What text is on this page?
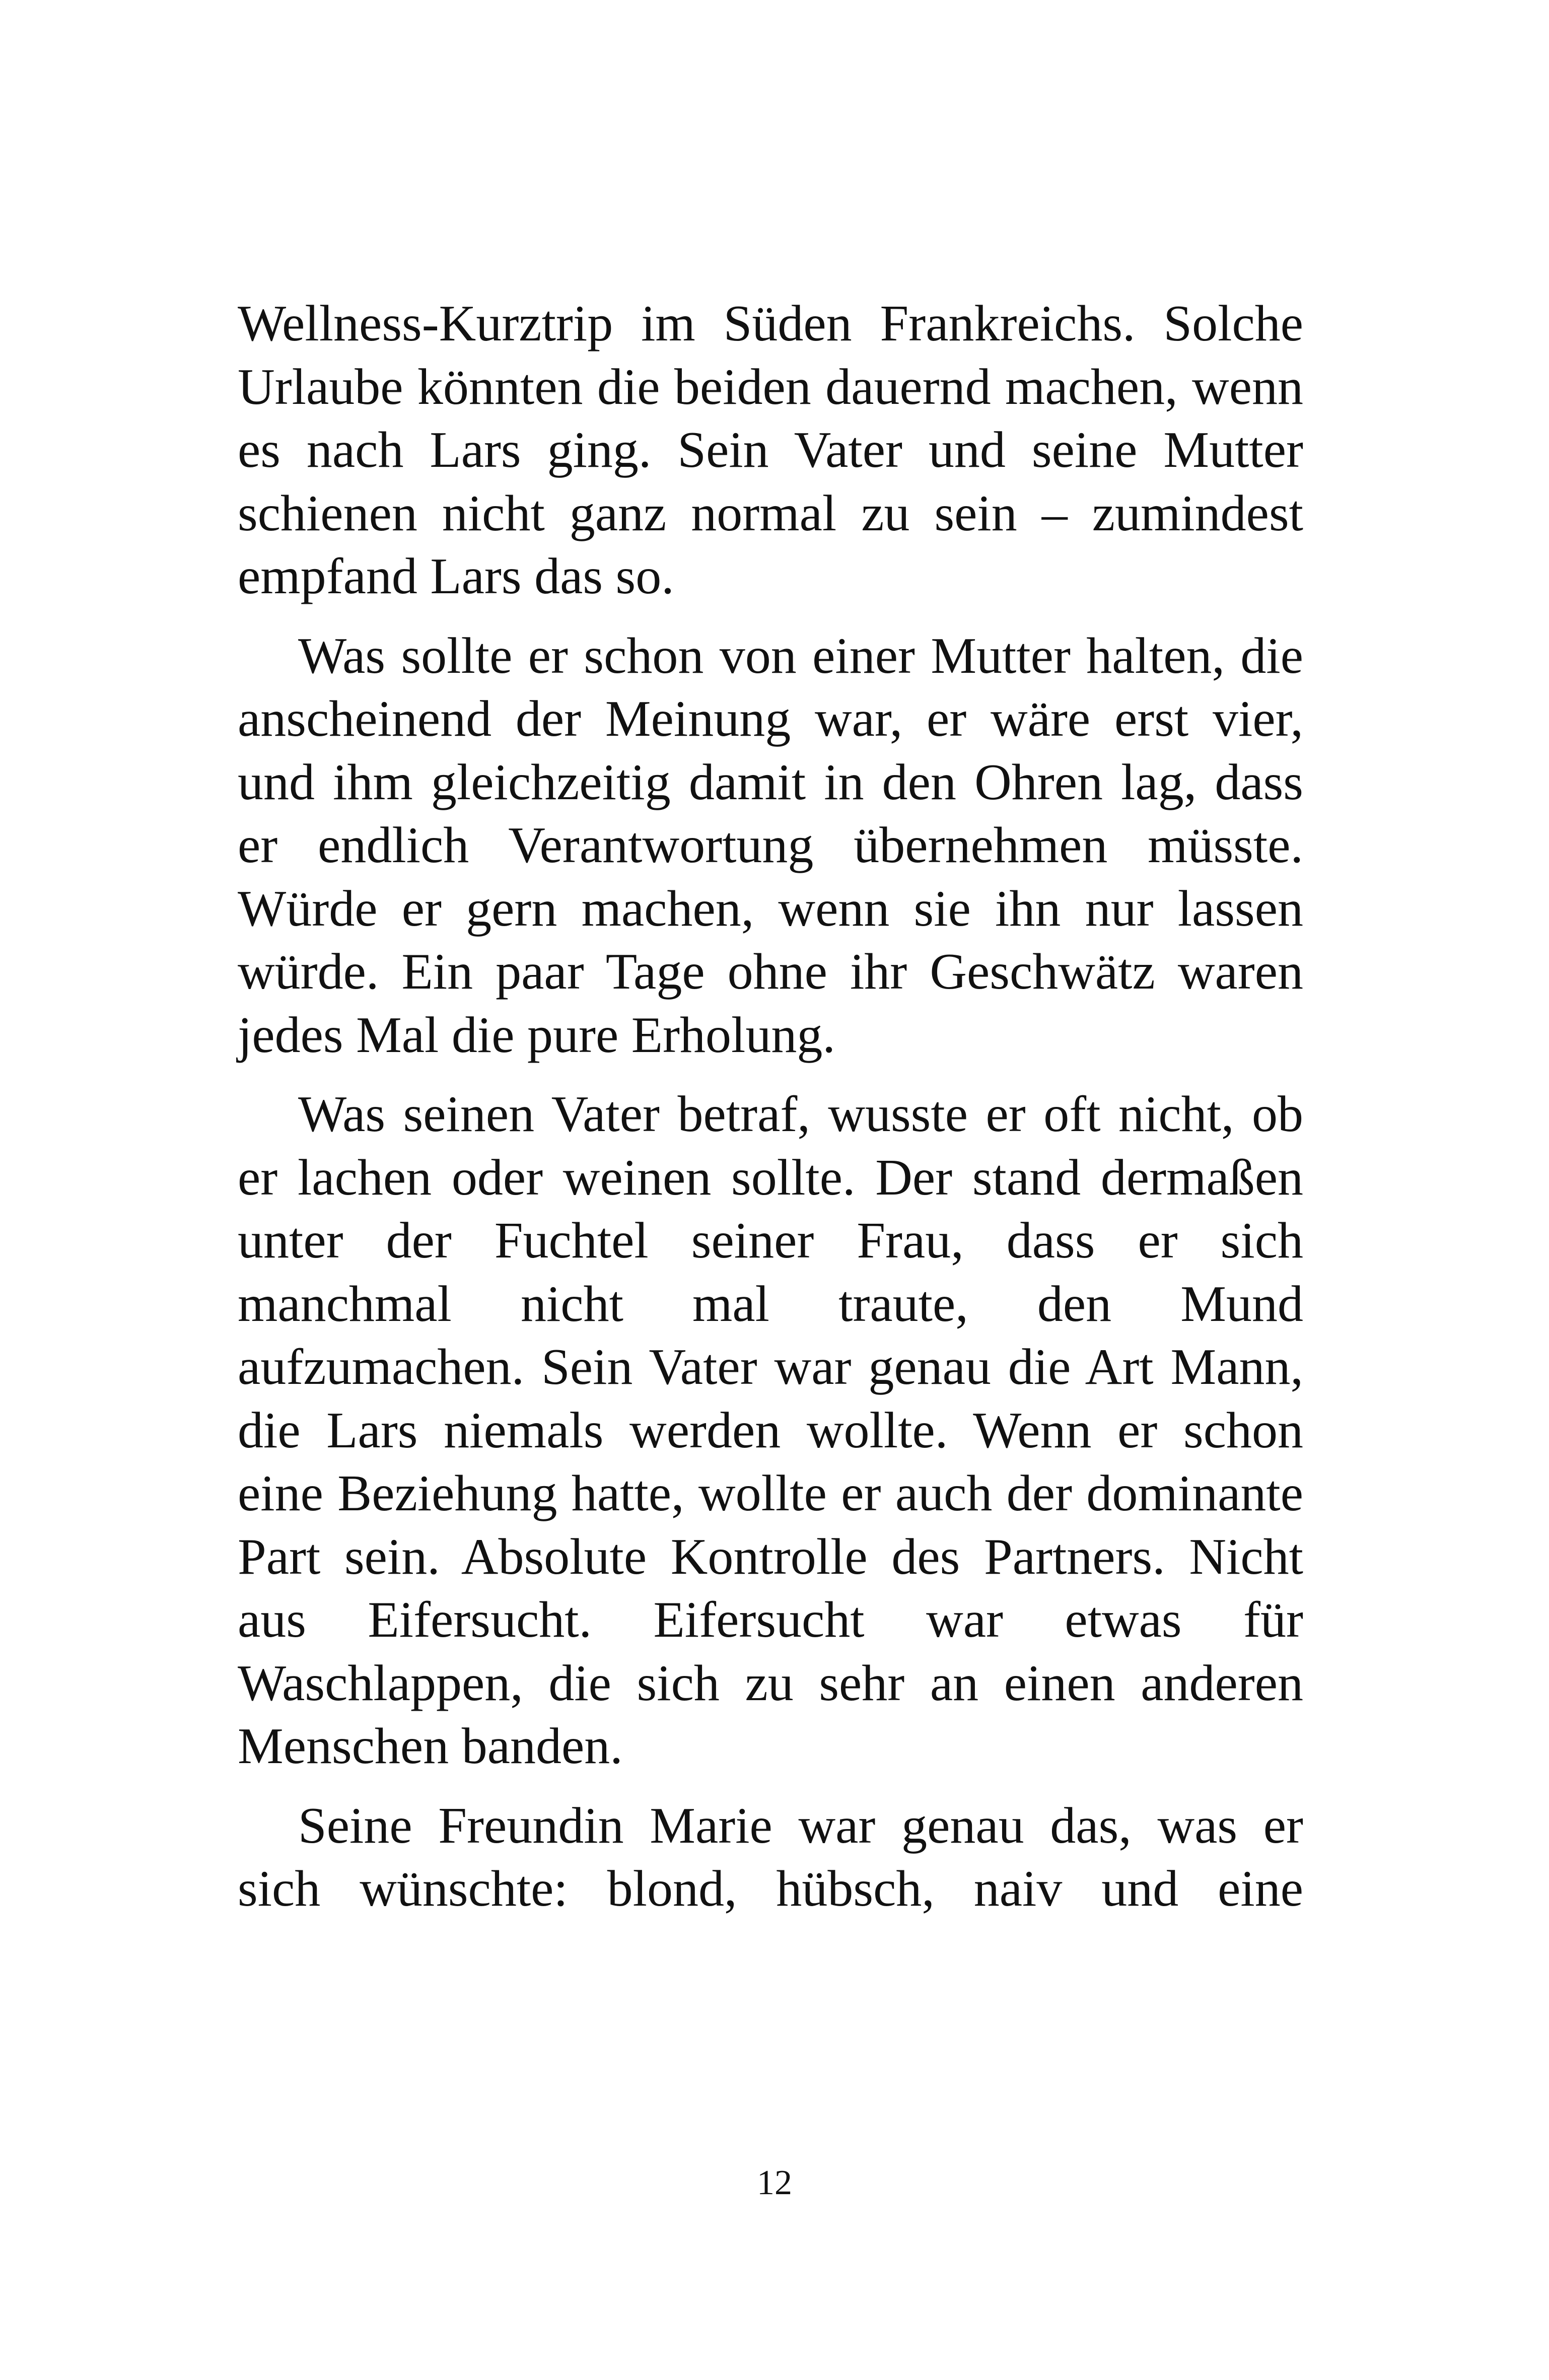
Wellness-Kurztrip im Süden Frankreichs. Solche Urlaube könnten die beiden dauernd machen, wenn es nach Lars ging. Sein Vater und seine Mutter schienen nicht ganz normal zu sein – zumindest empfand Lars das so.

Was sollte er schon von einer Mutter halten, die anscheinend der Meinung war, er wäre erst vier, und ihm gleichzeitig damit in den Ohren lag, dass er endlich Verantwortung übernehmen müsste. Würde er gern machen, wenn sie ihn nur lassen würde. Ein paar Tage ohne ihr Geschwätz waren jedes Mal die pure Erholung.

Was seinen Vater betraf, wusste er oft nicht, ob er lachen oder weinen sollte. Der stand dermaßen unter der Fuchtel seiner Frau, dass er sich manchmal nicht mal traute, den Mund aufzumachen. Sein Vater war genau die Art Mann, die Lars niemals werden wollte. Wenn er schon eine Beziehung hatte, wollte er auch der dominante Part sein. Absolute Kontrolle des Partners. Nicht aus Eifersucht. Eifersucht war etwas für Waschlappen, die sich zu sehr an einen anderen Menschen banden.

Seine Freundin Marie war genau das, was er sich wünschte: blond, hübsch, naiv und eine

12
